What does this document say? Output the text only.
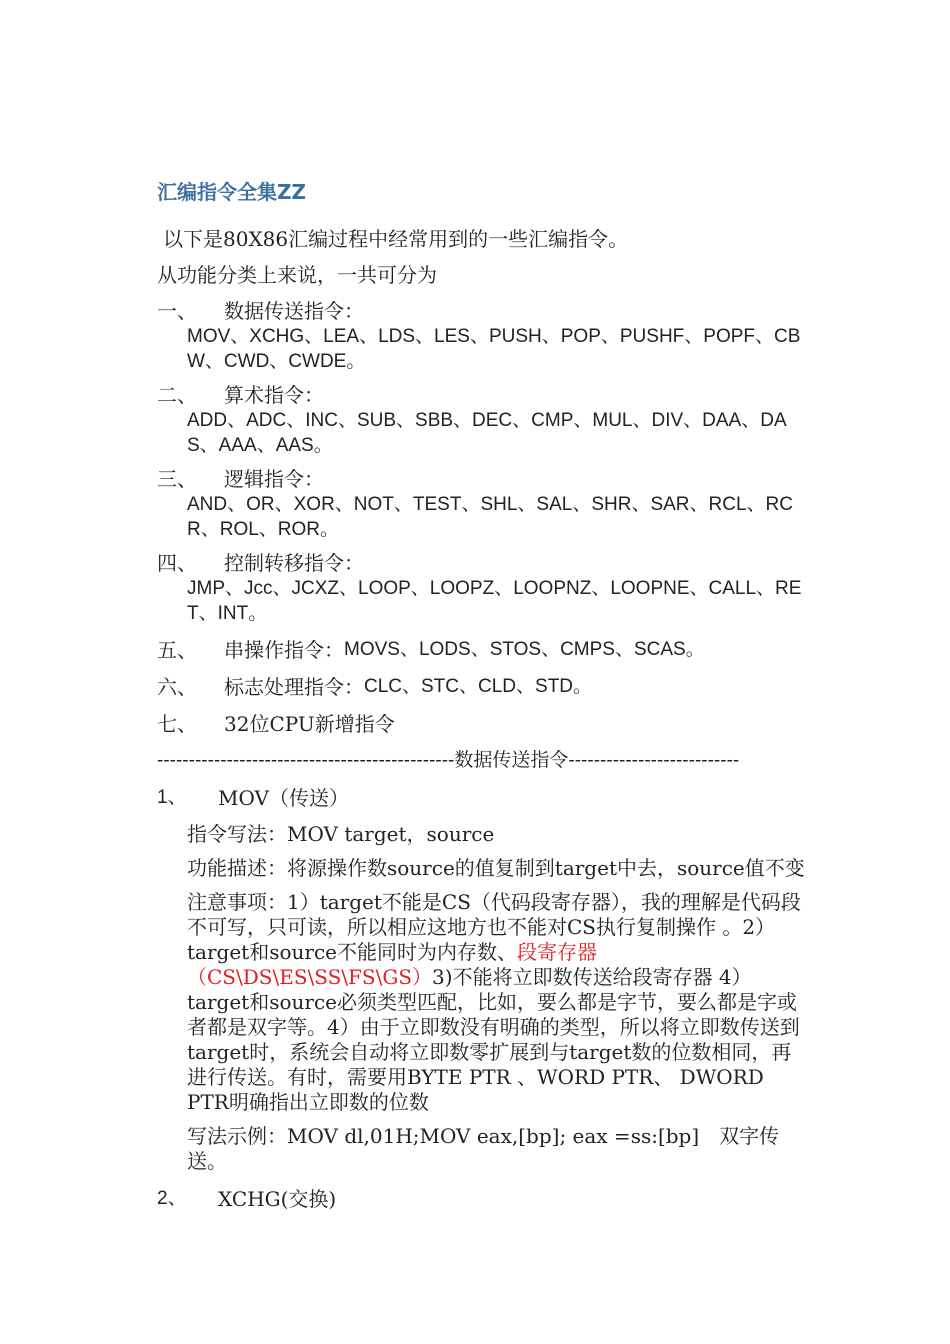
汇编指令全集ZZ
以下是80X86汇编过程中经常用到的一些汇编指令。
从功能分类上来说，一共可分为
一、	数据传送指令：
MOV、XCHG、LEA、LDS、LES、PUSH、POP、PUSHF、POPF、CBW、CWD、CWDE。
二、	算术指令：
ADD、ADC、INC、SUB、SBB、DEC、CMP、MUL、DIV、DAA、DAS、AAA、AAS。
三、	逻辑指令：
AND、OR、XOR、NOT、TEST、SHL、SAL、SHR、SAR、RCL、RCR、ROL、ROR。
四、	控制转移指令：
JMP、Jcc、JCXZ、LOOP、LOOPZ、LOOPNZ、LOOPNE、CALL、RET、INT。
五、	串操作指令： MOVS、LODS、STOS、CMPS、SCAS。
六、	标志处理指令： CLC、STC、CLD、STD。
七、	32位CPU新增指令
-----------------------------------------------数据传送指令---------------------------
1、	MOV（传送）
指令写法：MOV target，source
功能描述：将源操作数source的值复制到target中去，source值不变
注意事项：1）target不能是CS（代码段寄存器），我的理解是代码段不可写，只可读，所以相应这地方也不能对CS执行复制操作 。2）target和source不能同时为内存数、段寄存器（CS\DS\ES\SS\FS\GS）3)不能将立即数传送给段寄存器 4）target和source必须类型匹配，比如，要么都是字节，要么都是字或者都是双字等。4）由于立即数没有明确的类型，所以将立即数传送到target时，系统会自动将立即数零扩展到与target数的位数相同，再进行传送。有时，需要用BYTE PTR 、WORD PTR、 DWORD PTR明确指出立即数的位数
写法示例：MOV dl,01H;MOV eax,[bp]; eax =ss:[bp]　双字传送。
2、	XCHG(交换)
